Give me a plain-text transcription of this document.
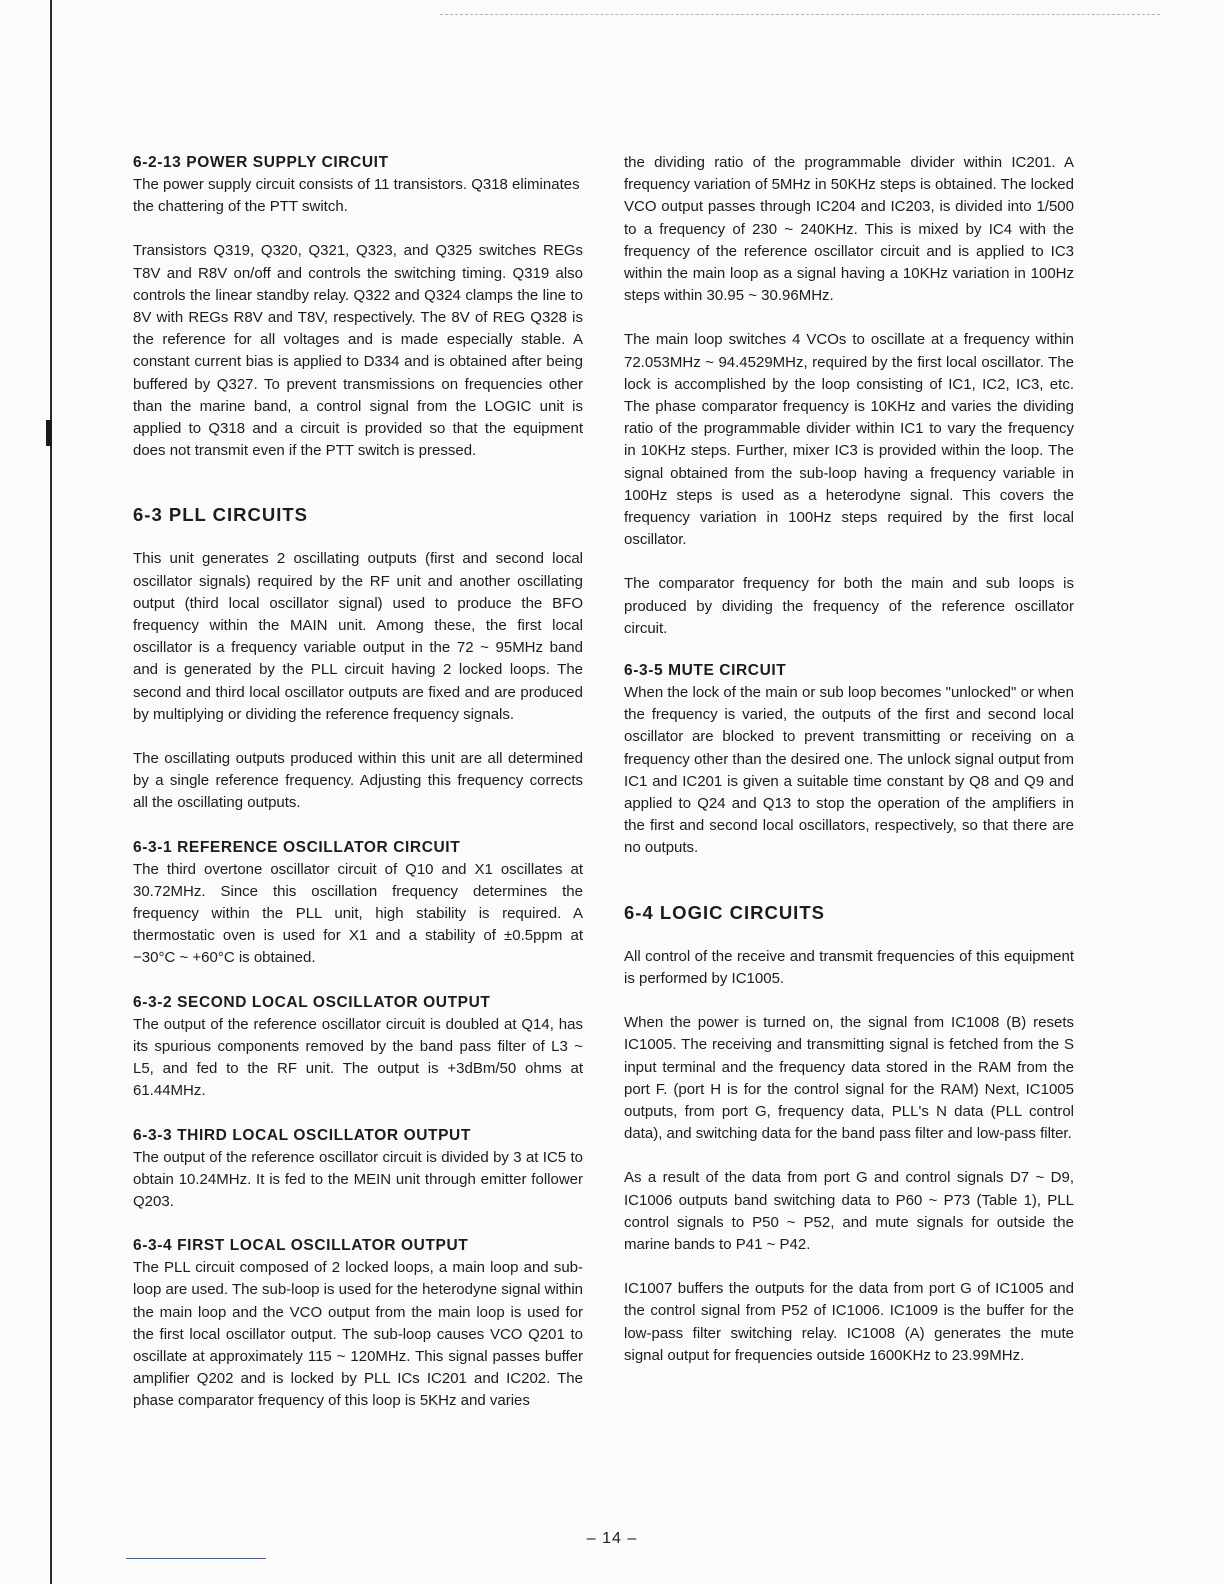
6-2-13 POWER SUPPLY CIRCUIT

The power supply circuit consists of 11 transistors. Q318 eliminates the chattering of the PTT switch.

Transistors Q319, Q320, Q321, Q323, and Q325 switches REGs T8V and R8V on/off and controls the switching timing. Q319 also controls the linear standby relay. Q322 and Q324 clamps the line to 8V with REGs R8V and T8V, respectively. The 8V of REG Q328 is the reference for all voltages and is made especially stable. A constant current bias is applied to D334 and is obtained after being buffered by Q327. To prevent transmissions on frequencies other than the marine band, a control signal from the LOGIC unit is applied to Q318 and a circuit is provided so that the equipment does not transmit even if the PTT switch is pressed.

6-3 PLL CIRCUITS

This unit generates 2 oscillating outputs (first and second local oscillator signals) required by the RF unit and another oscillating output (third local oscillator signal) used to produce the BFO frequency within the MAIN unit. Among these, the first local oscillator is a frequency variable output in the 72 ~ 95MHz band and is generated by the PLL circuit having 2 locked loops. The second and third local oscillator outputs are fixed and are produced by multiplying or dividing the reference frequency signals.

The oscillating outputs produced within this unit are all determined by a single reference frequency. Adjusting this frequency corrects all the oscillating outputs.

6-3-1 REFERENCE OSCILLATOR CIRCUIT

The third overtone oscillator circuit of Q10 and X1 oscillates at 30.72MHz. Since this oscillation frequency determines the frequency within the PLL unit, high stability is required. A thermostatic oven is used for X1 and a stability of ±0.5ppm at −30°C ~ +60°C is obtained.

6-3-2 SECOND LOCAL OSCILLATOR OUTPUT

The output of the reference oscillator circuit is doubled at Q14, has its spurious components removed by the band pass filter of L3 ~ L5, and fed to the RF unit. The output is +3dBm/50 ohms at 61.44MHz.

6-3-3 THIRD LOCAL OSCILLATOR OUTPUT

The output of the reference oscillator circuit is divided by 3 at IC5 to obtain 10.24MHz. It is fed to the MEIN unit through emitter follower Q203.

6-3-4 FIRST LOCAL OSCILLATOR OUTPUT

The PLL circuit composed of 2 locked loops, a main loop and sub-loop are used. The sub-loop is used for the heterodyne signal within the main loop and the VCO output from the main loop is used for the first local oscillator output. The sub-loop causes VCO Q201 to oscillate at approximately 115 ~ 120MHz. This signal passes buffer amplifier Q202 and is locked by PLL ICs IC201 and IC202. The phase comparator frequency of this loop is 5KHz and varies

the dividing ratio of the programmable divider within IC201. A frequency variation of 5MHz in 50KHz steps is obtained. The locked VCO output passes through IC204 and IC203, is divided into 1/500 to a frequency of 230 ~ 240KHz. This is mixed by IC4 with the frequency of the reference oscillator circuit and is applied to IC3 within the main loop as a signal having a 10KHz variation in 100Hz steps within 30.95 ~ 30.96MHz.

The main loop switches 4 VCOs to oscillate at a frequency within 72.053MHz ~ 94.4529MHz, required by the first local oscillator. The lock is accomplished by the loop consisting of IC1, IC2, IC3, etc. The phase comparator frequency is 10KHz and varies the dividing ratio of the programmable divider within IC1 to vary the frequency in 10KHz steps. Further, mixer IC3 is provided within the loop. The signal obtained from the sub-loop having a frequency variable in 100Hz steps is used as a heterodyne signal. This covers the frequency variation in 100Hz steps required by the first local oscillator.

The comparator frequency for both the main and sub loops is produced by dividing the frequency of the reference oscillator circuit.

6-3-5 MUTE CIRCUIT

When the lock of the main or sub loop becomes "unlocked" or when the frequency is varied, the outputs of the first and second local oscillator are blocked to prevent transmitting or receiving on a frequency other than the desired one. The unlock signal output from IC1 and IC201 is given a suitable time constant by Q8 and Q9 and applied to Q24 and Q13 to stop the operation of the amplifiers in the first and second local oscillators, respectively, so that there are no outputs.

6-4 LOGIC CIRCUITS

All control of the receive and transmit frequencies of this equipment is performed by IC1005.

When the power is turned on, the signal from IC1008 (B) resets IC1005. The receiving and transmitting signal is fetched from the S input terminal and the frequency data stored in the RAM from the port F. (port H is for the control signal for the RAM) Next, IC1005 outputs, from port G, frequency data, PLL's N data (PLL control data), and switching data for the band pass filter and low-pass filter.

As a result of the data from port G and control signals D7 ~ D9, IC1006 outputs band switching data to P60 ~ P73 (Table 1), PLL control signals to P50 ~ P52, and mute signals for outside the marine bands to P41 ~ P42.

IC1007 buffers the outputs for the data from port G of IC1005 and the control signal from P52 of IC1006. IC1009 is the buffer for the low-pass filter switching relay. IC1008 (A) generates the mute signal output for frequencies outside 1600KHz to 23.99MHz.

– 14 –
